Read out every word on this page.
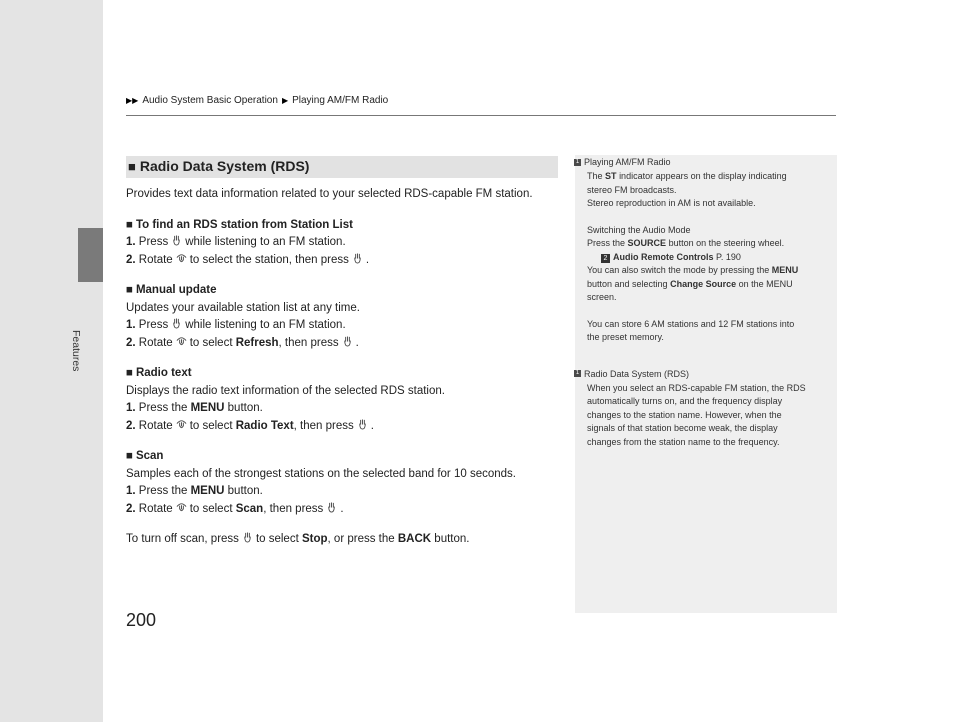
Features
▶▶ Audio System Basic Operation ▶ Playing AM/FM Radio
■ Radio Data System (RDS)
Provides text data information related to your selected RDS-capable FM station.
■ To find an RDS station from Station List
1. Press while listening to an FM station.
2. Rotate to select the station, then press .
■ Manual update
Updates your available station list at any time.
1. Press while listening to an FM station.
2. Rotate to select Refresh, then press .
■ Radio text
Displays the radio text information of the selected RDS station.
1. Press the MENU button.
2. Rotate to select Radio Text, then press .
■ Scan
Samples each of the strongest stations on the selected band for 10 seconds.
1. Press the MENU button.
2. Rotate to select Scan, then press .
To turn off scan, press to select Stop, or press the BACK button.
1 Playing AM/FM Radio
The ST indicator appears on the display indicating
stereo FM broadcasts.
Stereo reproduction in AM is not available.
Switching the Audio Mode
Press the SOURCE button on the steering wheel.
2 Audio Remote Controls P. 190
You can also switch the mode by pressing the MENU
button and selecting Change Source on the MENU
screen.
You can store 6 AM stations and 12 FM stations into
the preset memory.
1 Radio Data System (RDS)
When you select an RDS-capable FM station, the RDS
automatically turns on, and the frequency display
changes to the station name. However, when the
signals of that station become weak, the display
changes from the station name to the frequency.
200
